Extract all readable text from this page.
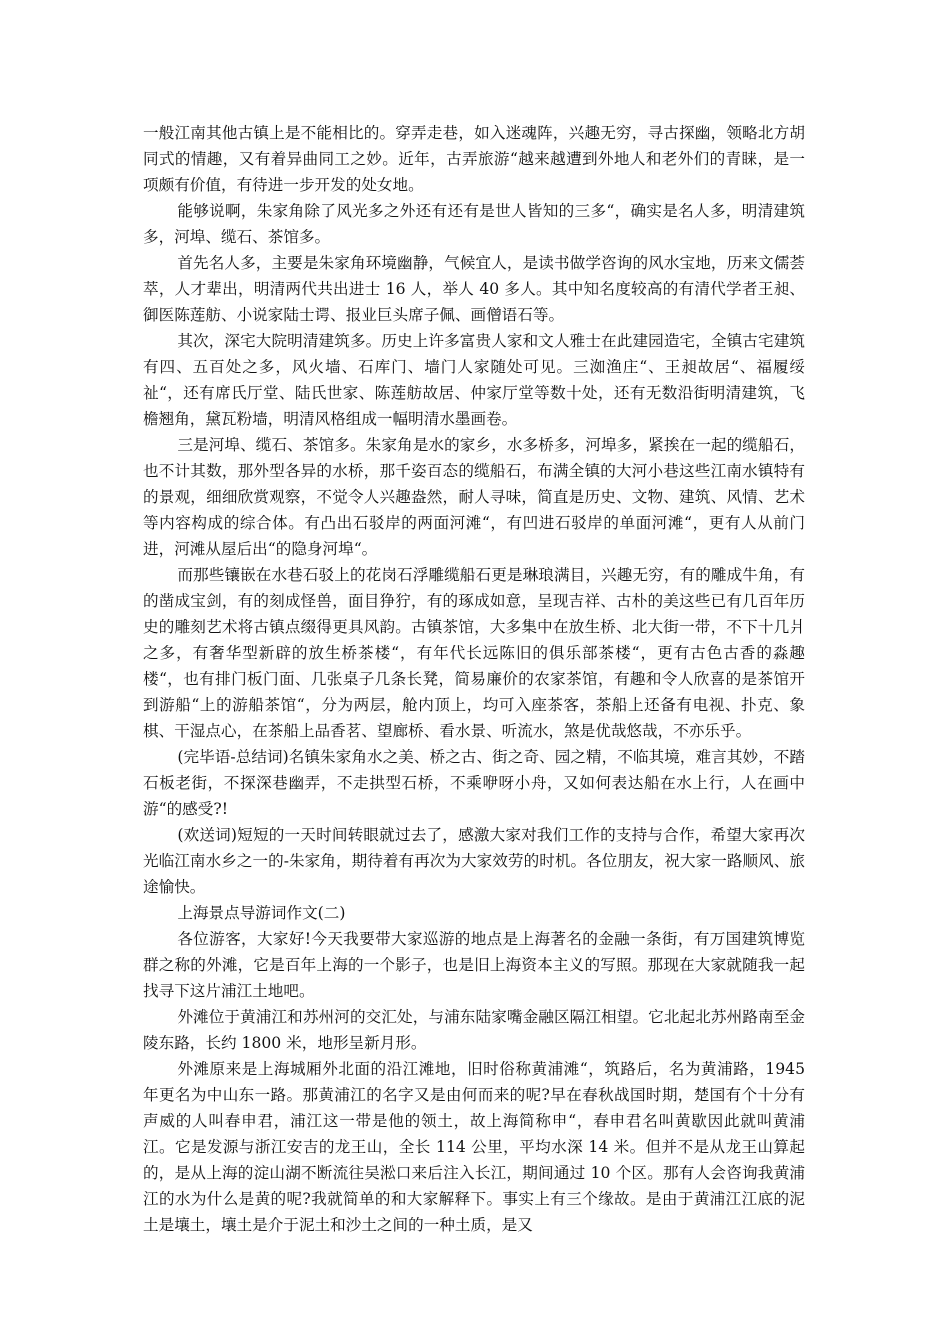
一般江南其他古镇上是不能相比的。穿弄走巷，如入迷魂阵，兴趣无穷，寻古探幽，领略北方胡同式的情趣，又有着异曲同工之妙。近年，古弄旅游“越来越遭到外地人和老外们的青睐，是一项颇有价值，有待进一步开发的处女地。

能够说啊，朱家角除了风光多之外还有还有是世人皆知的三多“，确实是名人多，明清建筑多，河埠、缆石、茶馆多。

首先名人多，主要是朱家角环境幽静，气候宜人，是读书做学咨询的风水宝地，历来文儒荟萃，人才辈出，明清两代共出进士 16 人，举人 40 多人。其中知名度较高的有清代学者王昶、御医陈莲舫、小说家陆士谔、报业巨头席子佩、画僧语石等。

其次，深宅大院明清建筑多。历史上许多富贵人家和文人雅士在此建园造宅，全镇古宅建筑有四、五百处之多，风火墙、石库门、墙门人家随处可见。三洳渔庄“、王昶故居“、福履绥祉“，还有席氏厅堂、陆氏世家、陈莲舫故居、仲家厅堂等数十处，还有无数沿街明清建筑，飞檐翘角，黛瓦粉墙，明清风格组成一幅明清水墨画卷。

三是河埠、缆石、茶馆多。朱家角是水的家乡，水多桥多，河埠多，紧挨在一起的缆船石，也不计其数，那外型各异的水桥，那千姿百态的缆船石，布满全镇的大河小巷这些江南水镇特有的景观，细细欣赏观察，不觉令人兴趣盎然，耐人寻味，简直是历史、文物、建筑、风情、艺术等内容构成的综合体。有凸出石驳岸的两面河滩“，有凹进石驳岸的单面河滩“，更有人从前门进，河滩从屋后出“的隐身河埠“。

而那些镶嵌在水巷石驳上的花岗石浮雕缆船石更是琳琅满目，兴趣无穷，有的雕成牛角，有的凿成宝剑，有的刻成怪兽，面目狰狞，有的琢成如意，呈现吉祥、古朴的美这些已有几百年历史的雕刻艺术将古镇点缀得更具风韵。古镇茶馆，大多集中在放生桥、北大街一带，不下十几爿之多，有奢华型新辟的放生桥茶楼“，有年代长远陈旧的俱乐部茶楼“，更有古色古香的淼趣楼“，也有排门板门面、几张桌子几条长凳，简易廉价的农家茶馆，有趣和令人欣喜的是茶馆开到游船“上的游船茶馆“，分为两层，舱内顶上，均可入座茶客，茶船上还备有电视、扑克、象棋、干湿点心，在茶船上品香茗、望廊桥、看水景、听流水，煞是优哉悠哉，不亦乐乎。

(完毕语-总结词)名镇朱家角水之美、桥之古、街之奇、园之精，不临其境，难言其妙，不踏石板老街，不探深巷幽弄，不走拱型石桥，不乘咿呀小舟，又如何表达船在水上行，人在画中游“的感受?!

(欢送词)短短的一天时间转眼就过去了，感激大家对我们工作的支持与合作，希望大家再次光临江南水乡之一的-朱家角，期待着有再次为大家效劳的时机。各位朋友，祝大家一路顺风、旅途愉快。

上海景点导游词作文(二)

各位游客，大家好!今天我要带大家巡游的地点是上海著名的金融一条街，有万国建筑博览群之称的外滩，它是百年上海的一个影子，也是旧上海资本主义的写照。那现在大家就随我一起找寻下这片浦江土地吧。

外滩位于黄浦江和苏州河的交汇处，与浦东陆家嘴金融区隔江相望。它北起北苏州路南至金陵东路，长约 1800 米，地形呈新月形。

外滩原来是上海城厢外北面的沿江滩地，旧时俗称黄浦滩“，筑路后，名为黄浦路，1945 年更名为中山东一路。那黄浦江的名字又是由何而来的呢?早在春秋战国时期，楚国有个十分有声威的人叫春申君，浦江这一带是他的领土，故上海简称申“，春申君名叫黄歇因此就叫黄浦江。它是发源与浙江安吉的龙王山，全长 114 公里，平均水深 14 米。但并不是从龙王山算起的，是从上海的淀山湖不断流往吴淞口来后注入长江，期间通过 10 个区。那有人会咨询我黄浦江的水为什么是黄的呢?我就简单的和大家解释下。事实上有三个缘故。是由于黄浦江江底的泥土是壤土，壤土是介于泥土和沙土之间的一种土质，是又
